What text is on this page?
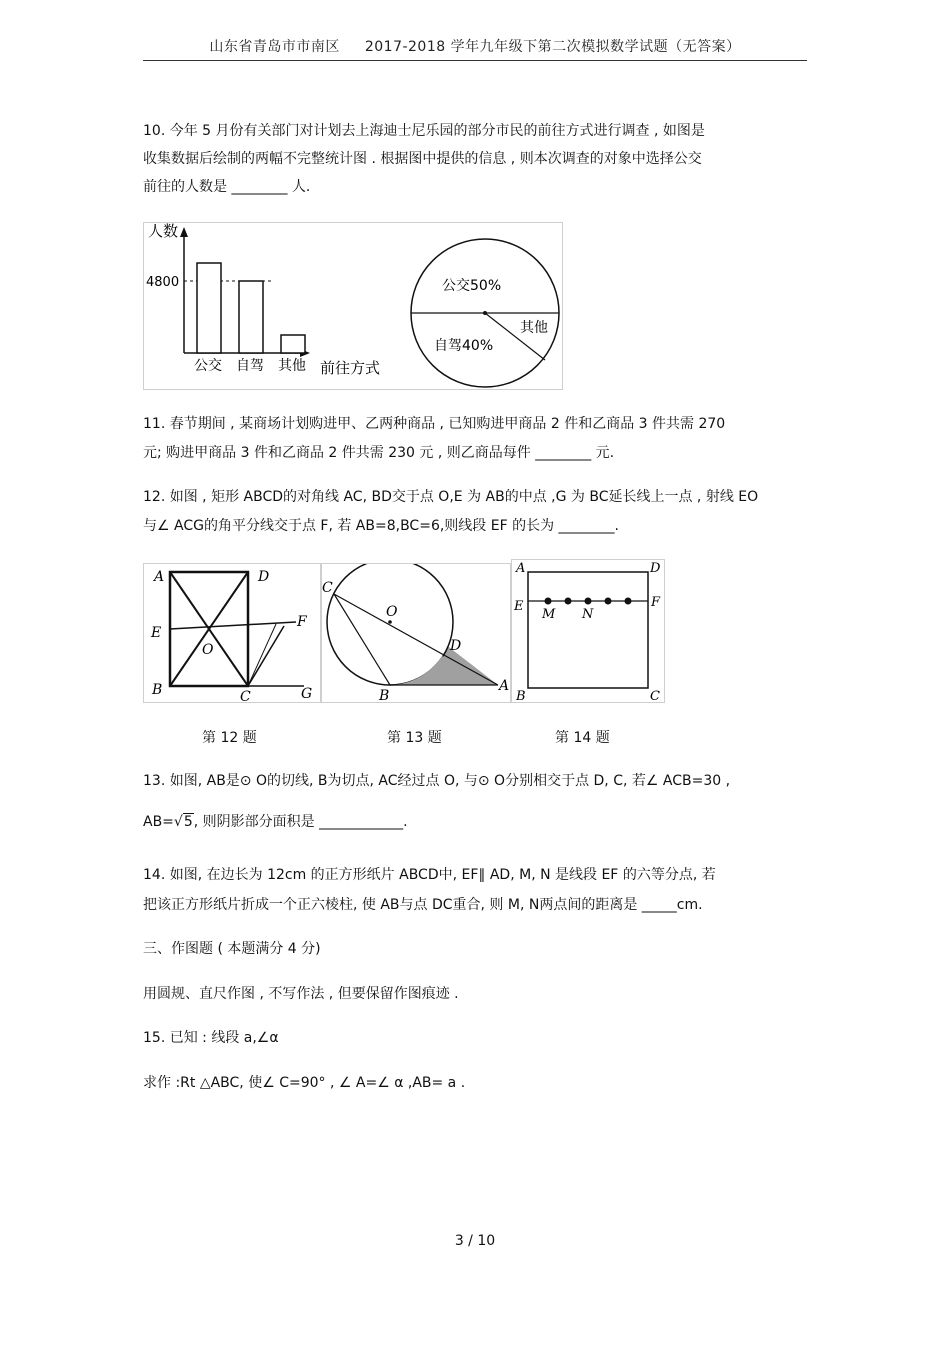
山东省青岛市市南区 2017-2018 学年九年级下第二次模拟数学试题（无答案）
10. 今年 5 月份有关部门对计划去上海迪士尼乐园的部分市民的前往方式进行调查 , 如图是
收集数据后绘制的两幅不完整统计图 . 根据图中提供的信息 , 则本次调查的对象中选择公交
前往的人数是 ________ 人.
人数
4800
公交 自驾 其他 前往方式
公交50%
自驾40%
其他
11. 春节期间 , 某商场计划购进甲、乙两种商品 , 已知购进甲商品 2 件和乙商品 3 件共需 270
元; 购进甲商品 3 件和乙商品 2 件共需 230 元 , 则乙商品每件 ________ 元.
12. 如图 , 矩形 ABCD的对角线 AC, BD交于点 O,E 为 AB的中点 ,G 为 BC延长线上一点 , 射线 EO
与∠ ACG的角平分线交于点 F, 若 AB=8,BC=6,则线段 EF 的长为 ________.
A	D
E
F
O
B	C	G
C
O
D
B
A
A	D
E	F
M N
B	C
第 12 题	第 13 题	第 14 题
13. 如图, AB是⊙ O的切线, B为切点, AC经过点 O, 与⊙ O分别相交于点 D, C, 若∠ ACB=30 ,
AB=√5, 则阴影部分面积是 ____________.
14. 如图, 在边长为 12cm 的正方形纸片 ABCD中, EF∥ AD, M, N 是线段 EF 的六等分点, 若
把该正方形纸片折成一个正六棱柱, 使 AB与点 DC重合, 则 M, N两点间的距离是 _____cm.
三、作图题 ( 本题满分 4 分)
用圆规、直尺作图 , 不写作法 , 但要保留作图痕迹 .
15. 已知 : 线段 a,∠α
求作 :Rt △ABC, 使∠ C=90° , ∠ A=∠ α ,AB= a .
3 / 10
